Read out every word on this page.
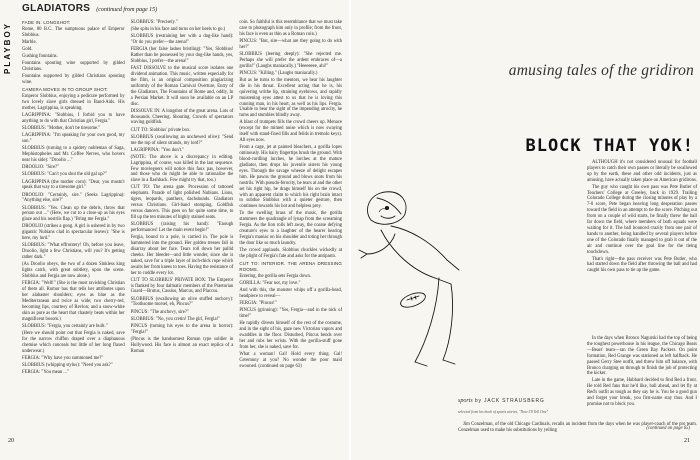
PLAYBOY
GLADIATORS (continued from page 15)

FADE IN: LONGSHOT:

Rome, 80 B.C. The sumptuous palace of Emperor Slobbius.

Marble.

Gold.

Gushing fountains.

Fountains spouting wine supported by gilded Christians.

Fountains supported by gilded Christians spouting wine.

CAMERA MOVES IN TO GROUP SHOT:

Emperor Slobbius, enjoying a pedicure performed by two lovely slave girls dressed in Band-Aids. His mother, Lagrippina, is speaking.

LAGRIPPINA: "Slobbius, I forbid you to have anything to do with that Christian girl, Fergia."

SLOBBIUS: "Mother, don't be tiresome."

LAGRIPPINA: "I'm speaking for your own good, my son."

SLOBBIUS (turning to a spidery nobleman of Saga, Mephistopheles and Mr. Coffee Nerves, who hovers near his side): "Droolio ..."

DROOLIO: "Sire?"

SLOBBIUS: "Can't you shut the old gal up?"

LAGRIPPINA (the mother corn): "Dear, you mustn't speak that way to a tiresome girl."

DROOLIO: "Certainly, sire." (Seeks Lagrippina): "Anything else, sire?"

SLOBBIUS: "Yes. Clean up the debris, throw that person out ..." (Here, we cut to a close-up as his eyes glaze and his nostrils flap.) "Bring me Fergia."

DROOLIO (strikes a gong. A girl is ushered in by two gigantic Nubians clad in spectacular leaves): "She is here, my lord."

SLOBBIUS: "What effrontery! Oh, before you leave, Droolio, light a few Christians, will you? It's getting rather dark."

(As Droolio obeys, the two of a dozen Sinkless king lights catch, with great subtlety, upon the scene. Slobbius and Fergia are now alone.)

FERGIA: "Well!" (She is the most ravishing Christian of them all. Rumor has that tells her attributes upon her alabaster shoulders; eyes as blue as the Mediterranean and twice as wide; two cherry-red, becoming lips, courtesy of Revlon; and a snow-white skin as pure as the heart that chastely beats within her magnificent bosom.)

SLOBBIUS: "Fergia, you certainly are built."

(Here we should point out that Fergia is naked, save for the narrow chiffon draped over a diaphanous chemise which conceals but little of her long flaxed underwear.)

FERGIA: "Why have you summoned me?"

SLOBBIUS (whipping stylus): "Need you ask?"

FERGIA: "You mean ..."

SLOBBIUS: "Precisely."

(She spits in his face and turns on her heels to go.)

SLOBBIUS (restraining her with a dog-like hand): "Or do you prefer—the arena!"

FERGIA (her false lashes bristling): "Yes, Slobbius! Rather than be possessed by your dog-like hands, yes, Slobbius, I prefer—the arena!"

FAST DISSOLVE to the musical score isolates one dividend animation. This music, written especially for the film, is an original composition plagiarizing uniformly of the Roman Carnival Overture, Entry of the Gladiators, The Fountains of Rome and, oddly, In a Persian Market. It will soon be available on an LP disc.

DISSOLVE IN: A longshot of the great arena. Lots of thousands. Cheering. Shouting. Crowds of spectators waving goldfish.

CUT TO: Slobbius' private box.

SLOBBIUS (swallowing an unchewed olive): "Send me the top of silent strands, my lord?"

LAGRIPPINA: "You don't."

(NOTE: The above is a discrepancy in editing. Lagrippina, of course, was killed in the last sequence. Few moviegoers will notice this faux pas, however, and those who do might be able to rationalize the slave in a flashback. Few might try that, too.)

CUT TO: The arena gate. Procession of tattooed elephants. Parade of light polished Nubians. Lions, tigers, leopards, panthers, dachshunds. Gladiators versus Christians. Girl-band stomping. Goldfish versus dancers. This goes on for quite some time, to fill up the ten minutes of highly stained seats.

SLOBBIUS (raising his hand): "Enough performances! Let the main event begin!"

Fergia, bound to a pole, is carried in. The pole is hammered into the ground. Her golden tresses fall in disarray about her face. Tears roll down her pallid cheeks. Her bleeder—and little wonder, since she is naked, save for a triple layer of inch-thick rope which awaits her from knees to toes. Having the resistance of her to cuddle every lot.

CUT TO SLOBBIUS' PRIVATE BOX: The Emperor is flanked by four dalmatic members of the Praetorian Guard—Brutus, Cassius, Marcus, and Placcus.

SLOBBIUS (swallowing an olive stuffed anchovy): "Toothsome morsel, eh, Pincus?"

PINCUS: "The anchovy, sire?"

SLOBBIUS: "No, you cretin! The girl, Fergia!"

PINCUS (turning his eyes to the arena in horror): "Fergia!"

(Pincus is the handsomest Roman type soldier in Hollywood. His face is almost an exact replica of a Roman

coin. So faithful is this resemblance that we must take care to photograph him only in profile; from the front, his face is even as thin as a Roman coin.)

PINCUS: "But, sire—what are they going to do with her?"

SLOBBIUS (leering deeply): "She rejected me. Perhaps she will prefer the ardent embraces of—a gorilla!" (Laughs maniacally.) "Heeeeeee, ahi!"

PINCUS: "Killing." (Laughs maniacally.)

But as he turns to the mentors, we hear his laughter die in his throat. Excellent acting that he is, his quivering writhe lip, straining eyebrows, and rapidly moistening eyes attest to us that he is loving this cunning man, in his heart, as well as his lips. Fergia. Unable to bear the sight of the impending atrocity, he turns and stumbles blindly away.

A blast of trumpets fills the crowd cheers up. Menace (except for the mimed noise which is now swaying itself with stand-fixed fills and feilds in tremolo keys). All eyes now.

From a cage, jet at painted bleachers, a gorilla lopes ominously. His hairy fingertips brush the ground. With blood-curdling lurches, he lurches at the mature gladiator, then drops his juvenile sisters his young eyes. Through the savage wheeze of delight escapes him. He pawns the ground and blows snots from his nostrils. With pseudo-ferocity, he tears at and the other set his right hip, he drags himself his on the crowd, with an apparent claim to which his right brain intact to subdue Slobbius with a quieter gesture, then continues towards his hot and helpless prey.

To the swelling brass of the music, the gorilla stammers the quadrangle of lynap from the screaming Fergia. As the lion rolls left away, the coarse defying creature's eyes to a laughter of the hearer hearing Fergia's maniac on his shoulder and toting her through the door like so much laundry.

The crowd applauds. Slobbius chuckles wickedly at the plight of Fergia's fate and asks for the antipasto.

CUT TO: INTERIOR. THE ARENA DRESSING ROOMS.

Entering, the gorilla sets Fergia down.

GORILLA: "Fear not, my love."

And with this, the monster whips off a gorilla-head, headpiece to reveal—

FERGIA: "Pincus!"

PINCUS (grinning): "Yes, Fergia—and in the nick of time!"

He rapidly divests himself of the rest of the costume, and in the sight of his, gaze new Victorian vapors and swaddles in the floor. Disturbed, Pincus bends over her and rubs her wrists. With the gorilla-stuff gone from her, she is naked, save for.

What a woman! Gal! Hold every thing. Gal! Ceremony at you? No wonder the poor maid swooned. (continued on page 63)

20
amusing tales of the gridiron
BLOCK THAT YOK!

ALTHOUGH it's not considered unusual for football players to catch their own passes or literally be swallowed up by the earth, these and other odd incidents, just as amusing, have actually taken place on American gridirons.

The guy who caught his own pass was Pete Butler of Teachers' College at Greeley, back in 1929. Trailing Colorado College during the closing minutes of play by a 7-0 score, Pete began heaving long desperation passes toward the field in an attempt to tie the score. Pitching out from on a couple of wild starts, he finally threw the ball far down the field, where members of both squads were waiting for it. The ball bounced crazily from one pair of hands to another, being handled by several players before one of the Colorado finally managed to grab it out of the air and continue over the goal line for the tieing touchdown.

That's right—the pass receiver was Pete Butler, who had started down the field after throwing the ball and had caught his own pass to tie up the game.

In the days when Bronco Nagurski had the top of being the toughest powerhouse in his league, the Chicago Bears—Bears' team—ran the Green Bay Packers. On point formation, Red Grange was stationed as left halfback. He passed Gerry Stee outfit, and threw him off balance, with Bronco charging on through to finish the job of protecting the kicker.

Late in the game, Hubbard decided to find Red a front. He told Red fans that he'd like, ball ahead, and let fly at Red's outfit as tough as they say he is. You be a good gun and forget your break, you first-name stay thus. And I promise not to block you.

sports by JACK STRAUSBERG
selected from his book of sports stories, "Now I'll Tell One"

Jim Conzelman, of the old Chicago Cardinals, recalls an incident from the days when he was player-coach of the pro team. Conzelman used to make his substitutions by yelling	(continued on page 65)
21
